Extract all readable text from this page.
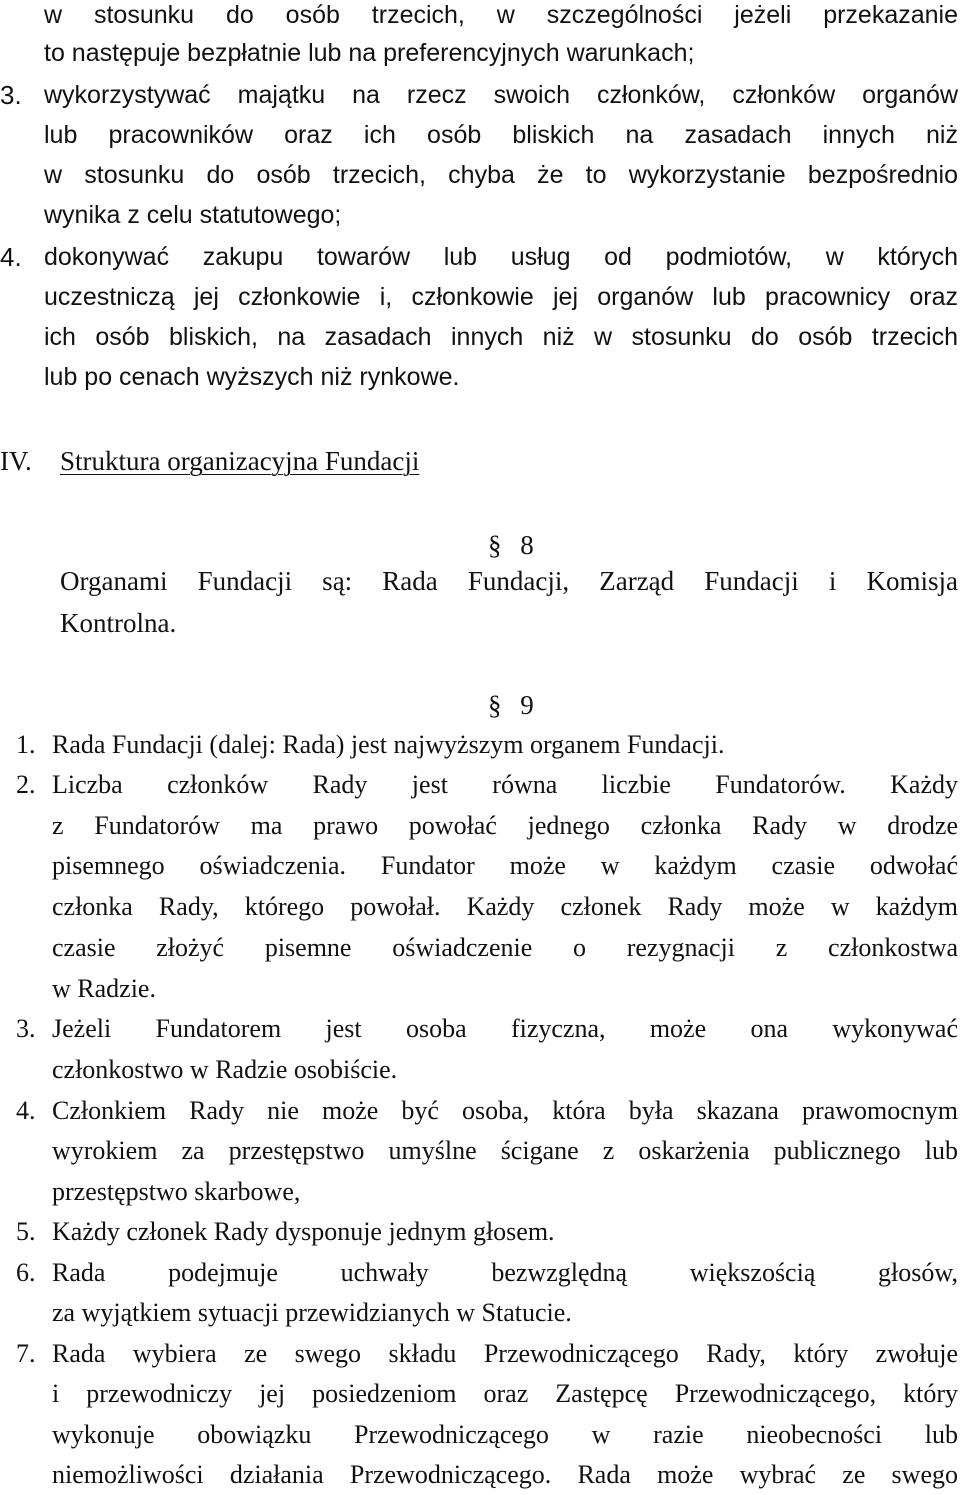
w stosunku do osób trzecich, w szczególności jeżeli przekazanie
to następuje bezpłatnie lub na preferencyjnych warunkach;
3. wykorzystywać majątku na rzecz swoich członków, członków organów
lub pracowników oraz ich osób bliskich na zasadach innych niż
w stosunku do osób trzecich, chyba że to wykorzystanie bezpośrednio
wynika z celu statutowego;
4. dokonywać zakupu towarów lub usług od podmiotów, w których
uczestniczą jej członkowie i, członkowie jej organów lub pracownicy oraz
ich osób bliskich, na zasadach innych niż w stosunku do osób trzecich
lub po cenach wyższych niż rynkowe.
IV. Struktura organizacyjna Fundacji
§ 8
Organami Fundacji są: Rada Fundacji, Zarząd Fundacji i Komisja
Kontrolna.
§ 9
1. Rada Fundacji (dalej: Rada) jest najwyższym organem Fundacji.
2. Liczba członków Rady jest równa liczbie Fundatorów. Każdy
z Fundatorów ma prawo powołać jednego członka Rady w drodze
pisemnego oświadczenia. Fundator może w każdym czasie odwołać
członka Rady, którego powołał. Każdy członek Rady może w każdym
czasie złożyć pisemne oświadczenie o rezygnacji z członkostwa
w Radzie.
3. Jeżeli Fundatorem jest osoba fizyczna, może ona wykonywać
członkostwo w Radzie osobiście.
4. Członkiem Rady nie może być osoba, która była skazana prawomocnym
wyrokiem za przestępstwo umyślne ścigane z oskarżenia publicznego lub
przestępstwo skarbowe,
5. Każdy członek Rady dysponuje jednym głosem.
6. Rada podejmuje uchwały bezwzględną większością głosów,
za wyjątkiem sytuacji przewidzianych w Statucie.
7. Rada wybiera ze swego składu Przewodniczącego Rady, który zwołuje
i przewodniczy jej posiedzeniom oraz Zastępcę Przewodniczącego, który
wykonuje obowiązku Przewodniczącego w razie nieobecności lub
niemożliwości działania Przewodniczącego. Rada może wybrać ze swego
